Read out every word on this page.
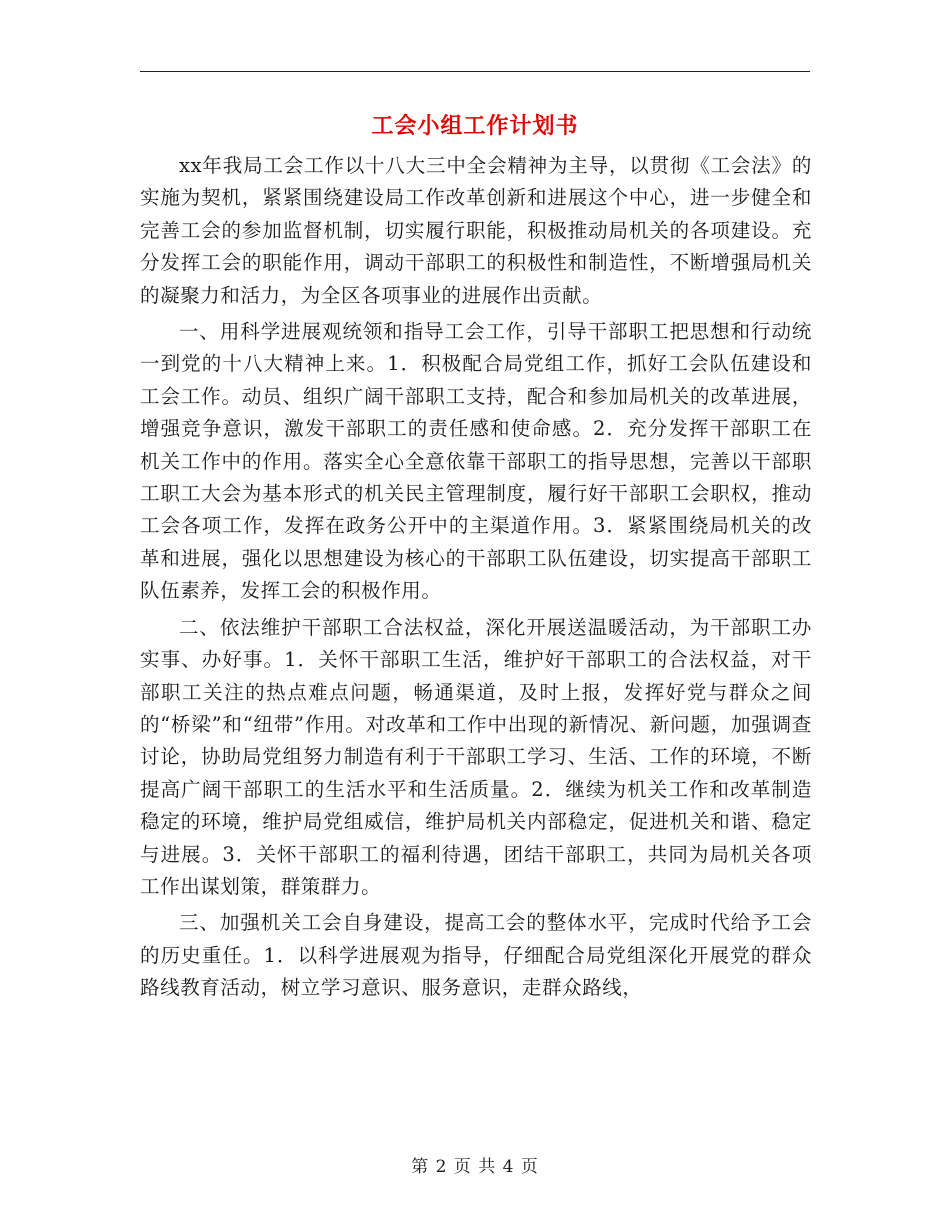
工会小组工作计划书

xx年我局工会工作以十八大三中全会精神为主导，以贯彻《工会法》的实施为契机，紧紧围绕建设局工作改革创新和进展这个中心，进一步健全和完善工会的参加监督机制，切实履行职能，积极推动局机关的各项建设。充分发挥工会的职能作用，调动干部职工的积极性和制造性，不断增强局机关的凝聚力和活力，为全区各项事业的进展作出贡献。

一、用科学进展观统领和指导工会工作，引导干部职工把思想和行动统一到党的十八大精神上来。1．积极配合局党组工作，抓好工会队伍建设和工会工作。动员、组织广阔干部职工支持，配合和参加局机关的改革进展，增强竞争意识，激发干部职工的责任感和使命感。2．充分发挥干部职工在机关工作中的作用。落实全心全意依靠干部职工的指导思想，完善以干部职工职工大会为基本形式的机关民主管理制度，履行好干部职工会职权，推动工会各项工作，发挥在政务公开中的主渠道作用。3．紧紧围绕局机关的改革和进展，强化以思想建设为核心的干部职工队伍建设，切实提高干部职工队伍素养，发挥工会的积极作用。

二、依法维护干部职工合法权益，深化开展送温暖活动，为干部职工办实事、办好事。1．关怀干部职工生活，维护好干部职工的合法权益，对干部职工关注的热点难点问题，畅通渠道，及时上报，发挥好党与群众之间的“桥梁”和“纽带”作用。对改革和工作中出现的新情况、新问题，加强调查讨论，协助局党组努力制造有利于干部职工学习、生活、工作的环境，不断提高广阔干部职工的生活水平和生活质量。2．继续为机关工作和改革制造稳定的环境，维护局党组威信，维护局机关内部稳定，促进机关和谐、稳定与进展。3．关怀干部职工的福利待遇，团结干部职工，共同为局机关各项工作出谋划策，群策群力。

三、加强机关工会自身建设，提高工会的整体水平，完成时代给予工会的历史重任。1．以科学进展观为指导，仔细配合局党组深化开展党的群众路线教育活动，树立学习意识、服务意识，走群众路线，

第 2 页 共 4 页
